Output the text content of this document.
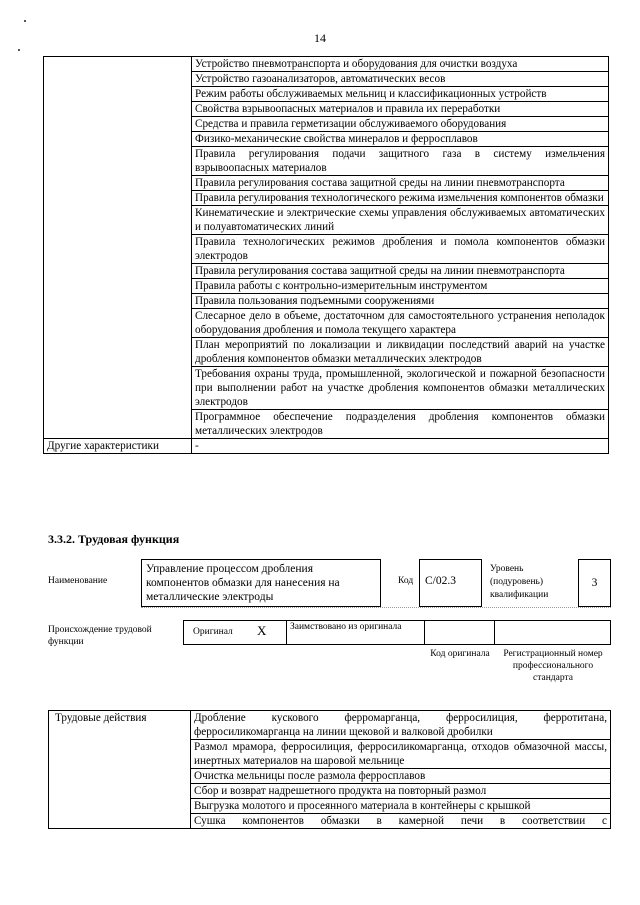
14
	Устройство пневмотранспорта и оборудования для очистки воздуха
	Устройство газоанализаторов, автоматических весов
	Режим работы обслуживаемых мельниц и классификационных устройств
	Свойства взрывоопасных материалов и правила их переработки
	Средства и правила герметизации обслуживаемого оборудования
	Физико-механические свойства минералов и ферросплавов
	Правила регулирования подачи защитного газа в систему измельчения взрывоопасных материалов
	Правила регулирования состава защитной среды на линии пневмотранспорта
	Правила регулирования технологического режима измельчения компонентов обмазки
	Кинематические и электрические схемы управления обслуживаемых автоматических и полуавтоматических линий
	Правила технологических режимов дробления и помола компонентов обмазки электродов
	Правила регулирования состава защитной среды на линии пневмотранспорта
	Правила работы с контрольно-измерительным инструментом
	Правила пользования подъемными сооружениями
	Слесарное дело в объеме, достаточном для самостоятельного устранения неполадок оборудования дробления и помола текущего характера
	План мероприятий по локализации и ликвидации последствий аварий на участке дробления компонентов обмазки металлических электродов
	Требования охраны труда, промышленной, экологической и пожарной безопасности при выполнении работ на участке дробления компонентов обмазки металлических электродов
	Программное обеспечение подразделения дробления компонентов обмазки металлических электродов
Другие характеристики	-
3.3.2. Трудовая функция
Наименование
Управление процессом дробления компонентов обмазки для нанесения на металлические электроды
Код	С/02.3
Уровень (подуровень) квалификации
3
Происхождение трудовой функции
Оригинал X Заимствовано из оригинала
Код оригинала	Регистрационный номер профессионального стандарта
Трудовые действия	Дробление кускового ферромарганца, ферросилиция, ферротитана, ферросиликомарганца на линии щековой и валковой дробилки
Размол мрамора, ферросилиция, ферросиликомарганца, отходов обмазочной массы, инертных материалов на шаровой мельнице
Очистка мельницы после размола ферросплавов
Сбор и возврат надрешетного продукта на повторный размол
Выгрузка молотого и просеянного материала в контейнеры с крышкой
Сушка компонентов обмазки в камерной печи в соответствии с
